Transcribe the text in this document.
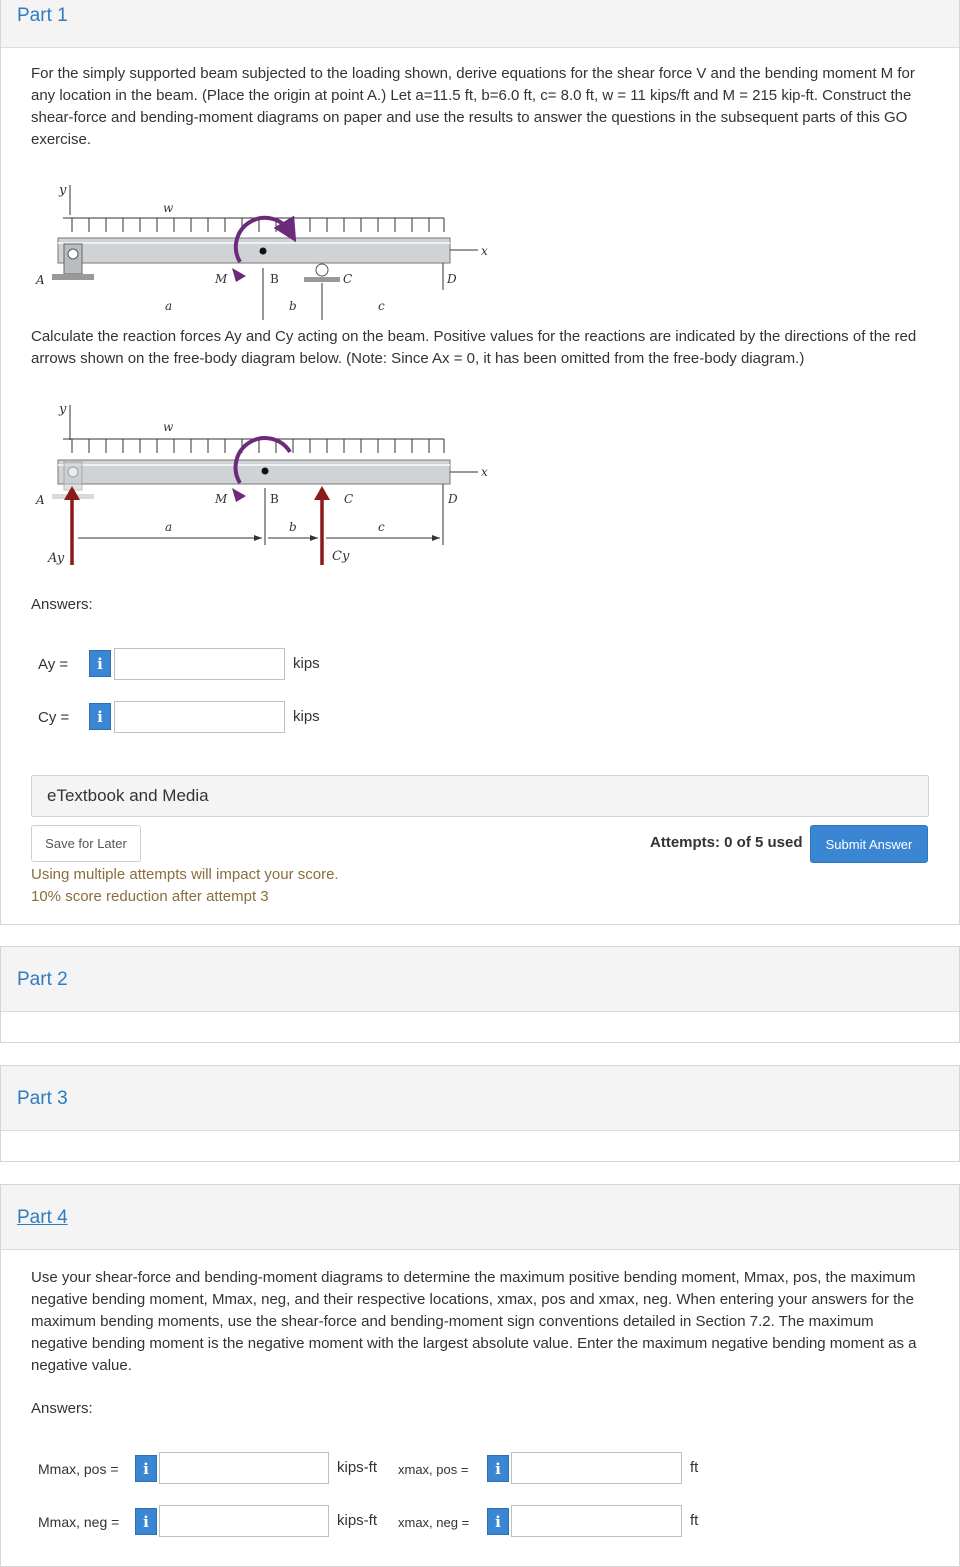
Part 1
For the simply supported beam subjected to the loading shown, derive equations for the shear force V and the bending moment M for any location in the beam. (Place the origin at point A.) Let a=11.5 ft, b=6.0 ft, c= 8.0 ft, w = 11 kips/ft and M = 215 kip-ft. Construct the shear-force and bending-moment diagrams on paper and use the results to answer the questions in the subsequent parts of this GO exercise.
y
w
x
A	M	B	C	D
a	b	c
Calculate the reaction forces Ay and Cy acting on the beam. Positive values for the reactions are indicated by the directions of the red arrows shown on the free-body diagram below. (Note: Since Ax = 0, it has been omitted from the free-body diagram.)
y
w
x
A	M	B
Ay	Cy
C	D
a	b	c
Answers:
Ay =	i	kips
Cy =	i	kips
eTextbook and Media
Save for Later	Attempts: 0 of 5 used	Submit Answer
Using multiple attempts will impact your score.
10% score reduction after attempt 3
Part 2
Part 3
Part 4
Use your shear-force and bending-moment diagrams to determine the maximum positive bending moment, Mmax, pos, the maximum negative bending moment, Mmax, neg, and their respective locations, xmax, pos and xmax, neg. When entering your answers for the maximum bending moments, use the shear-force and bending-moment sign conventions detailed in Section 7.2. The maximum negative bending moment is the negative moment with the largest absolute value. Enter the maximum negative bending moment as a negative value.
Answers:
Mmax, pos =	i	kips-ft xmax, pos =	i	ft
Mmax, neg =	i	kips-ft xmax, neg =	i	ft
